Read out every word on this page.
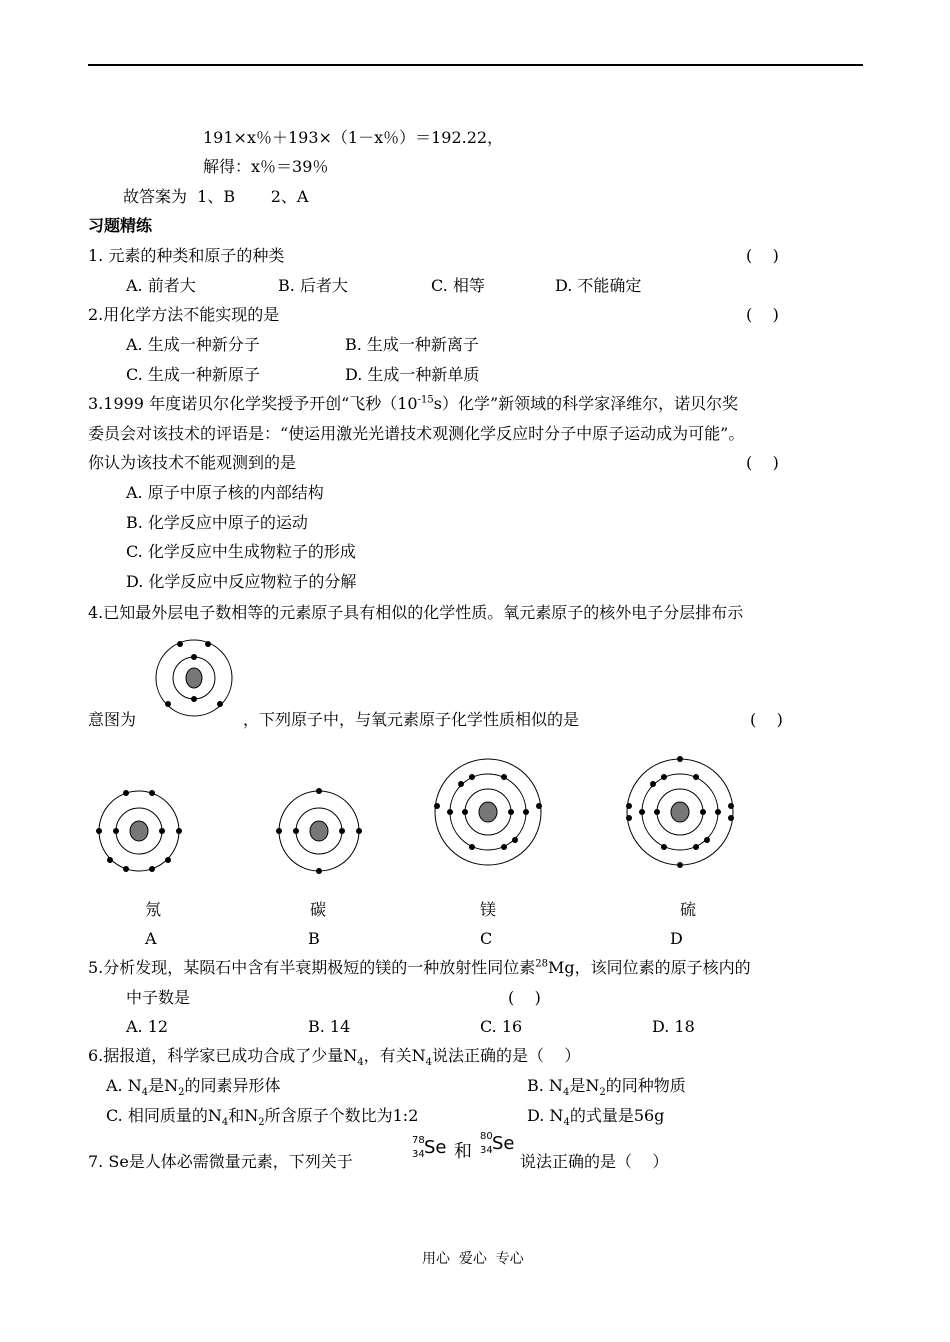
191×x％＋193×（1－x％）＝192.22，
解得：x％＝39％
故答案为  1、B       2、A
习题精练
1. 元素的种类和原子的种类	(    )
A. 前者大	B. 后者大	C. 相等	D. 不能确定
2.用化学方法不能实现的是	(    )
A. 生成一种新分子	B. 生成一种新离子
C. 生成一种新原子	D. 生成一种新单质
3.1999 年度诺贝尔化学奖授予开创“飞秒$(10^{-15}s)$化学”新领域的科学家泽维尔，诺贝尔奖
委员会对该技术的评语是：“使运用激光光谱技术观测化学反应时分子中原子运动成为可能”。
你认为该技术不能观测到的是	(    )
A. 原子中原子核的内部结构
B. 化学反应中原子的运动
C. 化学反应中生成物粒子的形成
D. 化学反应中反应物粒子的分解
4.已知最外层电子数相等的元素原子具有相似的化学性质。氧元素原子的核外电子分层排布示
意图为	，下列原子中，与氧元素原子化学性质相似的是	(    )
氖	碳	镁	硫
A	B	C	D
5.分析发现，某陨石中含有半衰期极短的镁的一种放射性同位素$^{28}$Mg，该同位素的原子核内的
中子数是	(    )
A. 12	B. 14	C. 16	D. 18
6.据报道，科学家已成功合成了少量$N_4$，有关$N_4$说法正确的是（    ）
A. $N_4$是$N_2$的同素异形体	B. $N_4$是$N_2$的同种物质
C. 相同质量的$N_4$和$N_2$所含原子个数比为1:2	D. $N_4$的式量是56g
7. Se是人体必需微量元素，下列关于
78
34 Se 和
80
34 Se
说法正确的是（    ）
用心  爱心  专心
